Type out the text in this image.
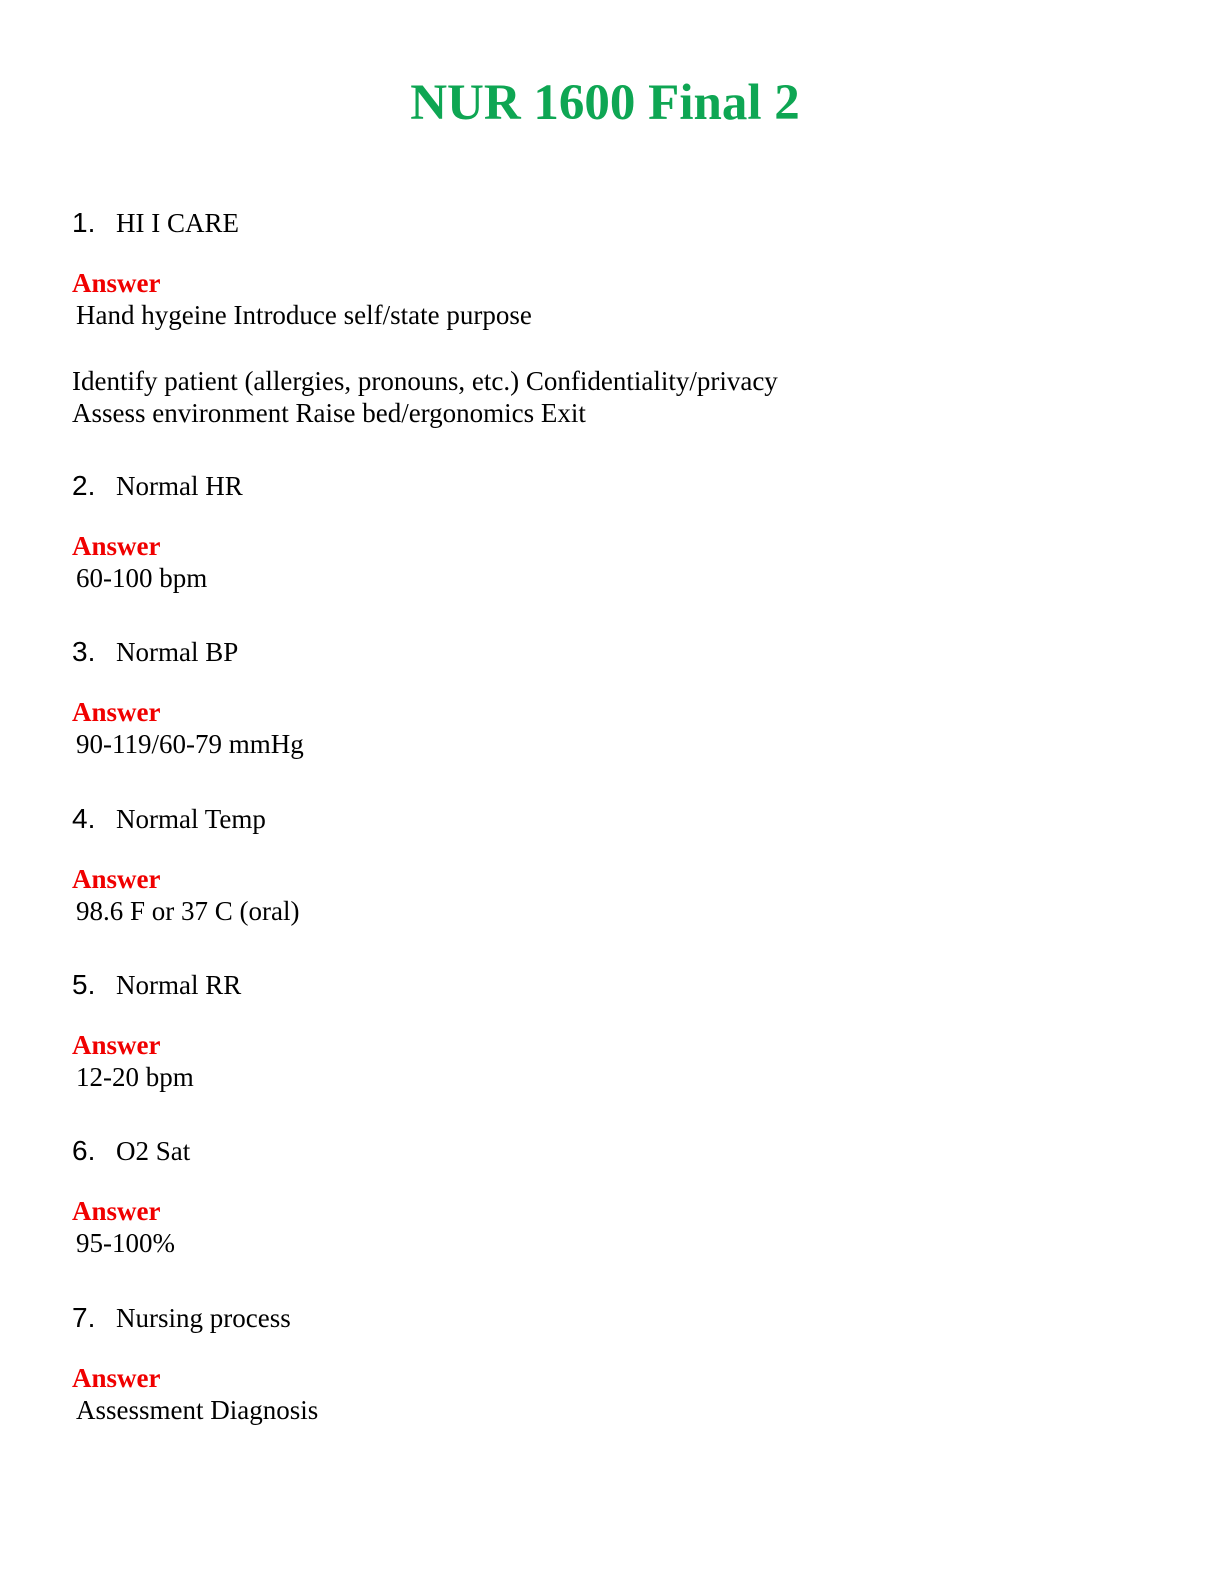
NUR 1600 Final 2
1. HI I CARE
Answer
Hand hygeine Introduce self/state purpose
Identify patient (allergies, pronouns, etc.) Confidentiality/privacy
Assess environment Raise bed/ergonomics Exit
2. Normal HR
Answer
60-100 bpm
3. Normal BP
Answer
90-119/60-79 mmHg
4. Normal Temp
Answer
98.6 F or 37 C (oral)
5. Normal RR
Answer
12-20 bpm
6. O2 Sat
Answer
95-100%
7. Nursing process
Answer
Assessment Diagnosis
